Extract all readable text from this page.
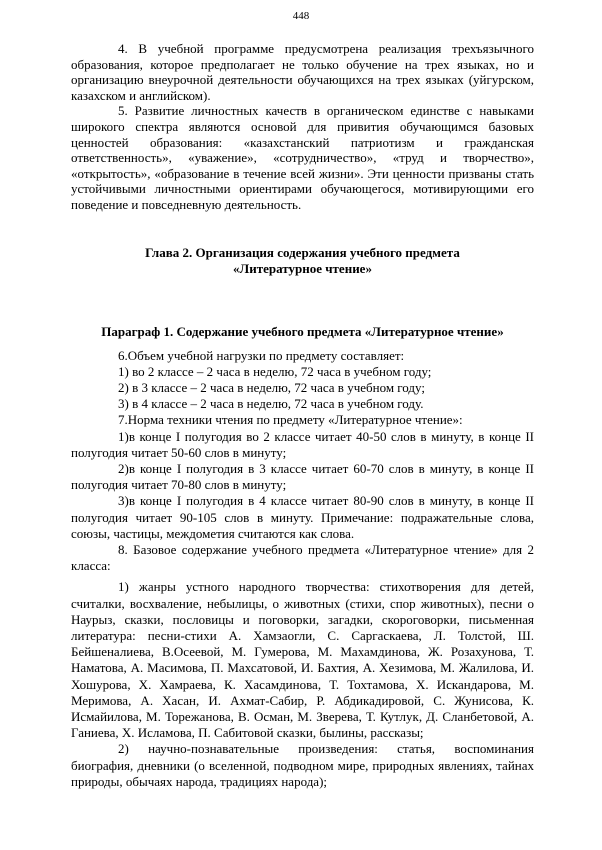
448

4. В учебной программе предусмотрена реализация трехъязычного образования, которое предполагает не только обучение на трех языках, но и организацию внеурочной деятельности обучающихся на трех языках (уйгурском, казахском и английском).

5. Развитие личностных качеств в органическом единстве с навыками широкого спектра являются основой для привития обучающимся базовых ценностей образования: «казахстанский патриотизм и гражданская ответственность», «уважение», «сотрудничество», «труд и творчество», «открытость», «образование в течение всей жизни». Эти ценности призваны стать устойчивыми личностными ориентирами обучающегося, мотивирующими его поведение и повседневную деятельность.

Глава 2. Организация содержания учебного предмета
«Литературное чтение»
Параграф 1. Содержание учебного предмета «Литературное чтение»

6.Объем учебной нагрузки по предмету составляет:

1) во 2 классе – 2 часа в неделю, 72 часа в учебном году;

2) в 3 классе – 2 часа в неделю, 72 часа в учебном году;

3) в 4 классе – 2 часа в неделю, 72 часа в учебном году.

7.Норма техники чтения по предмету «Литературное чтение»:

1)в конце I полугодия во 2 классе читает 40-50 слов в минуту, в конце II полугодия читает 50-60 слов в минуту;

2)в конце I полугодия в 3 классе читает 60-70 слов в минуту, в конце II полугодия читает 70-80 слов в минуту;

3)в конце I полугодия в 4 классе читает 80-90 слов в минуту, в конце II полугодия читает 90-105 слов в минуту. Примечание: подражательные слова, союзы, частицы, междометия считаются как слова.

8. Базовое содержание учебного предмета «Литературное чтение» для 2 класса:

1) жанры устного народного творчества: стихотворения для детей, считалки, восхваление, небылицы, о животных (стихи, спор животных), песни о Наурыз, сказки, пословицы и поговорки, загадки, скороговорки, письменная литература: песни-стихи А. Хамзаогли, С. Саргаскаева, Л. Толстой, Ш. Бейшеналиева, В.Осеевой, М. Гумерова, М. Махамдинова, Ж. Розахунова, Т. Наматова, А. Масимова, П. Махсатовой, И. Бахтия, А. Хезимова, М. Жалилова, И. Хошурова, Х. Хамраева, К. Хасамдинова, Т. Тохтамова, Х. Искандарова, М. Меримова, А. Хасан, И. Ахмат-Сабир, Р. Абдикадировой, С. Жунисова, К. Исмайилова, М. Торежанова, В. Осман, М. Зверева, Т. Кутлук, Д. Сланбетовой, А. Ганиева, Х. Исламова, П. Сабитовой сказки, былины, рассказы;

2) научно-познавательные произведения: статья, воспоминания биография, дневники (о вселенной, подводном мире, природных явлениях, тайнах природы, обычаях народа, традициях народа);
